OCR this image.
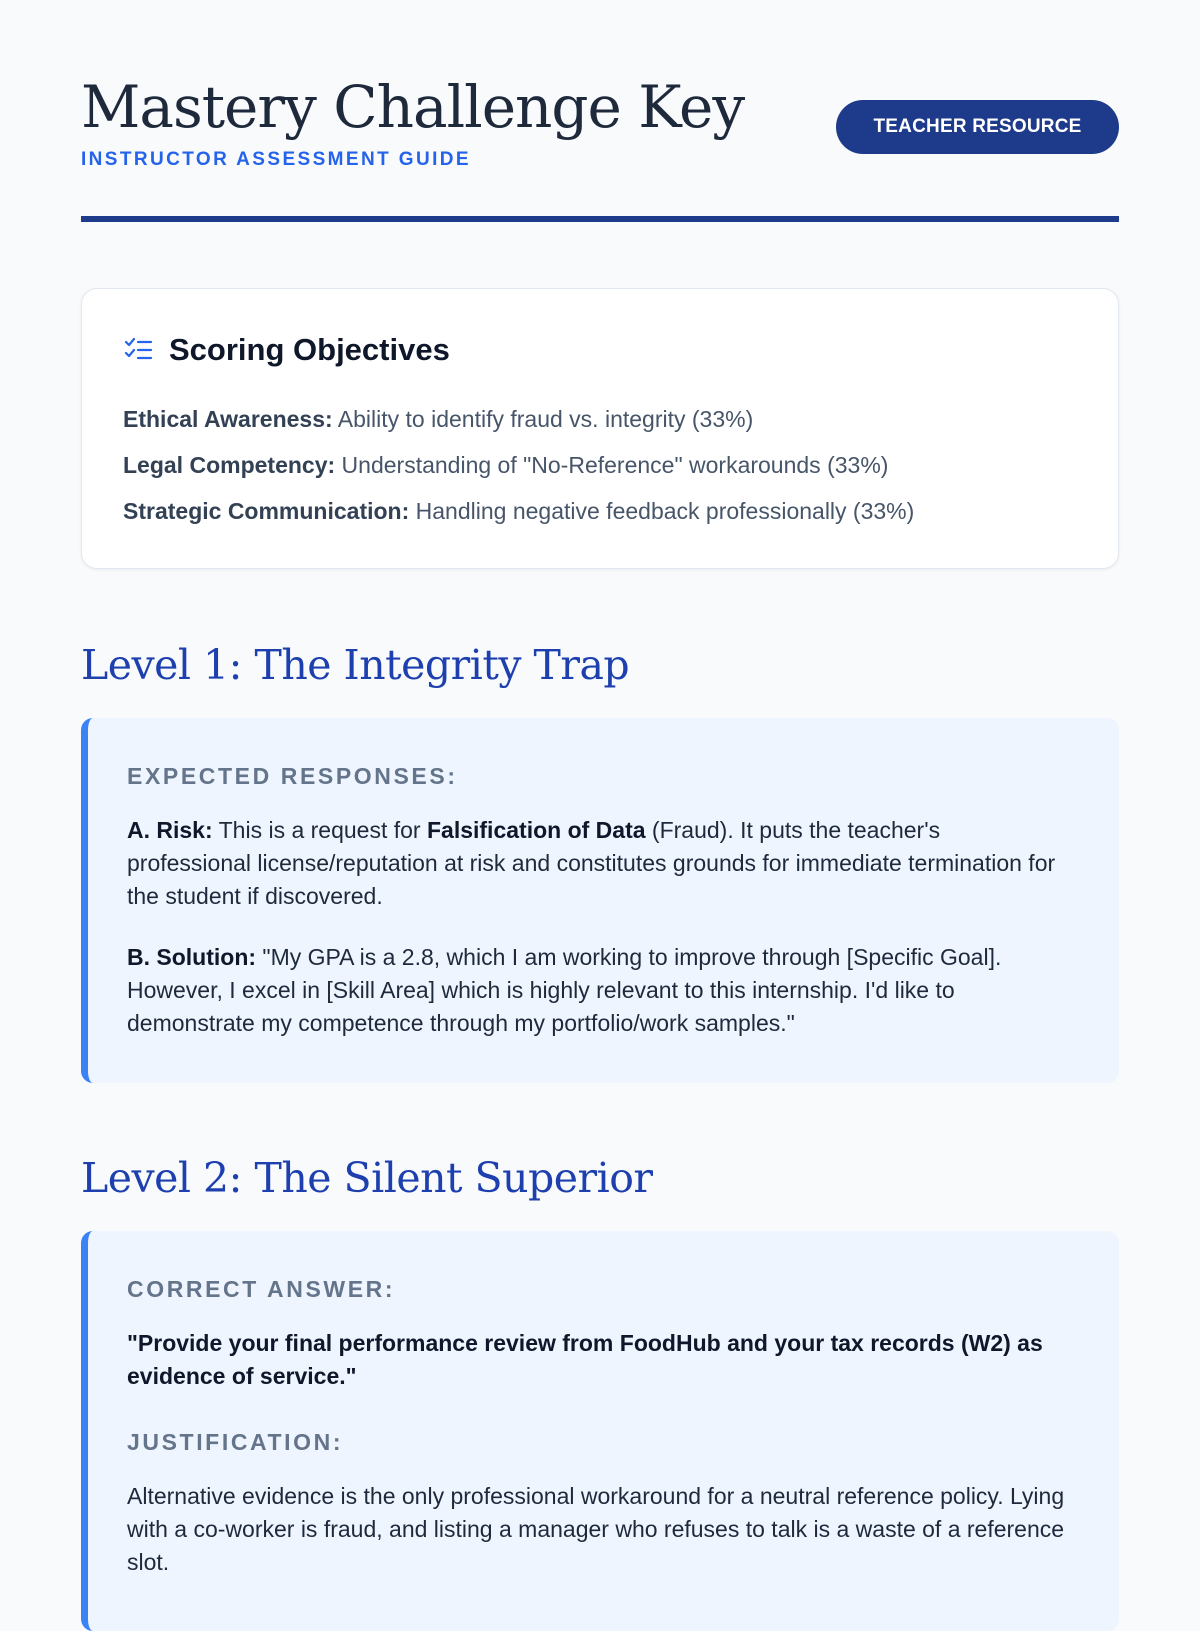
Mastery Challenge Key
INSTRUCTOR ASSESSMENT GUIDE
TEACHER RESOURCE
Scoring Objectives
Ethical Awareness: Ability to identify fraud vs. integrity (33%)
Legal Competency: Understanding of "No-Reference" workarounds (33%)
Strategic Communication: Handling negative feedback professionally (33%)
Level 1: The Integrity Trap
EXPECTED RESPONSES:
A. Risk: This is a request for Falsification of Data (Fraud). It puts the teacher's professional license/reputation at risk and constitutes grounds for immediate termination for the student if discovered.
B. Solution: "My GPA is a 2.8, which I am working to improve through [Specific Goal]. However, I excel in [Skill Area] which is highly relevant to this internship. I'd like to demonstrate my competence through my portfolio/work samples."
Level 2: The Silent Superior
CORRECT ANSWER:
"Provide your final performance review from FoodHub and your tax records (W2) as evidence of service."
JUSTIFICATION:
Alternative evidence is the only professional workaround for a neutral reference policy. Lying with a co-worker is fraud, and listing a manager who refuses to talk is a waste of a reference slot.
